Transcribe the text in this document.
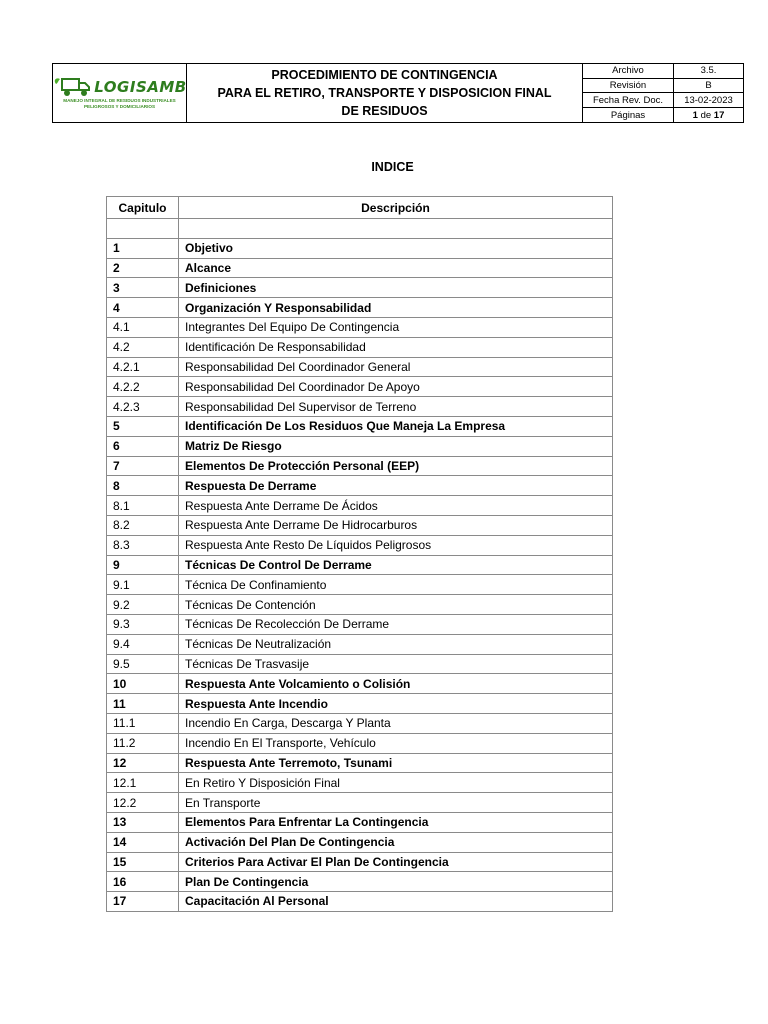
LOGISAMB
MANEJO INTEGRAL DE RESIDUOS INDUSTRIALES
PELIGROSOS Y DOMICILIARIOS
PROCEDIMIENTO DE CONTINGENCIA
PARA EL RETIRO, TRANSPORTE Y DISPOSICION FINAL
DE RESIDUOS
Archivo	3.5.
Revisión	B
Fecha Rev. Doc.	13-02-2023
Páginas	1 de 17
INDICE
Capitulo	Descripción

1	Objetivo
2	Alcance
3	Definiciones
4	Organización Y Responsabilidad
4.1	Integrantes Del Equipo De Contingencia
4.2	Identificación De Responsabilidad
4.2.1	Responsabilidad Del Coordinador General
4.2.2	Responsabilidad Del Coordinador De Apoyo
4.2.3	Responsabilidad Del Supervisor de Terreno
5	Identificación De Los Residuos Que Maneja La Empresa
6	Matriz De Riesgo
7	Elementos De Protección Personal (EEP)
8	Respuesta De Derrame
8.1	Respuesta Ante Derrame De Ácidos
8.2	Respuesta Ante Derrame De Hidrocarburos
8.3	Respuesta Ante Resto De Líquidos Peligrosos
9	Técnicas De Control De Derrame
9.1	Técnica De Confinamiento
9.2	Técnicas De Contención
9.3	Técnicas De Recolección De Derrame
9.4	Técnicas De Neutralización
9.5	Técnicas De Trasvasije
10	Respuesta Ante Volcamiento o Colisión
11	Respuesta Ante Incendio
11.1	Incendio En Carga, Descarga Y Planta
11.2	Incendio En El Transporte, Vehículo
12	Respuesta Ante Terremoto, Tsunami
12.1	En Retiro Y Disposición Final
12.2	En Transporte
13	Elementos Para Enfrentar La Contingencia
14	Activación Del Plan De Contingencia
15	Criterios Para Activar El Plan De Contingencia
16	Plan De Contingencia
17	Capacitación Al Personal
